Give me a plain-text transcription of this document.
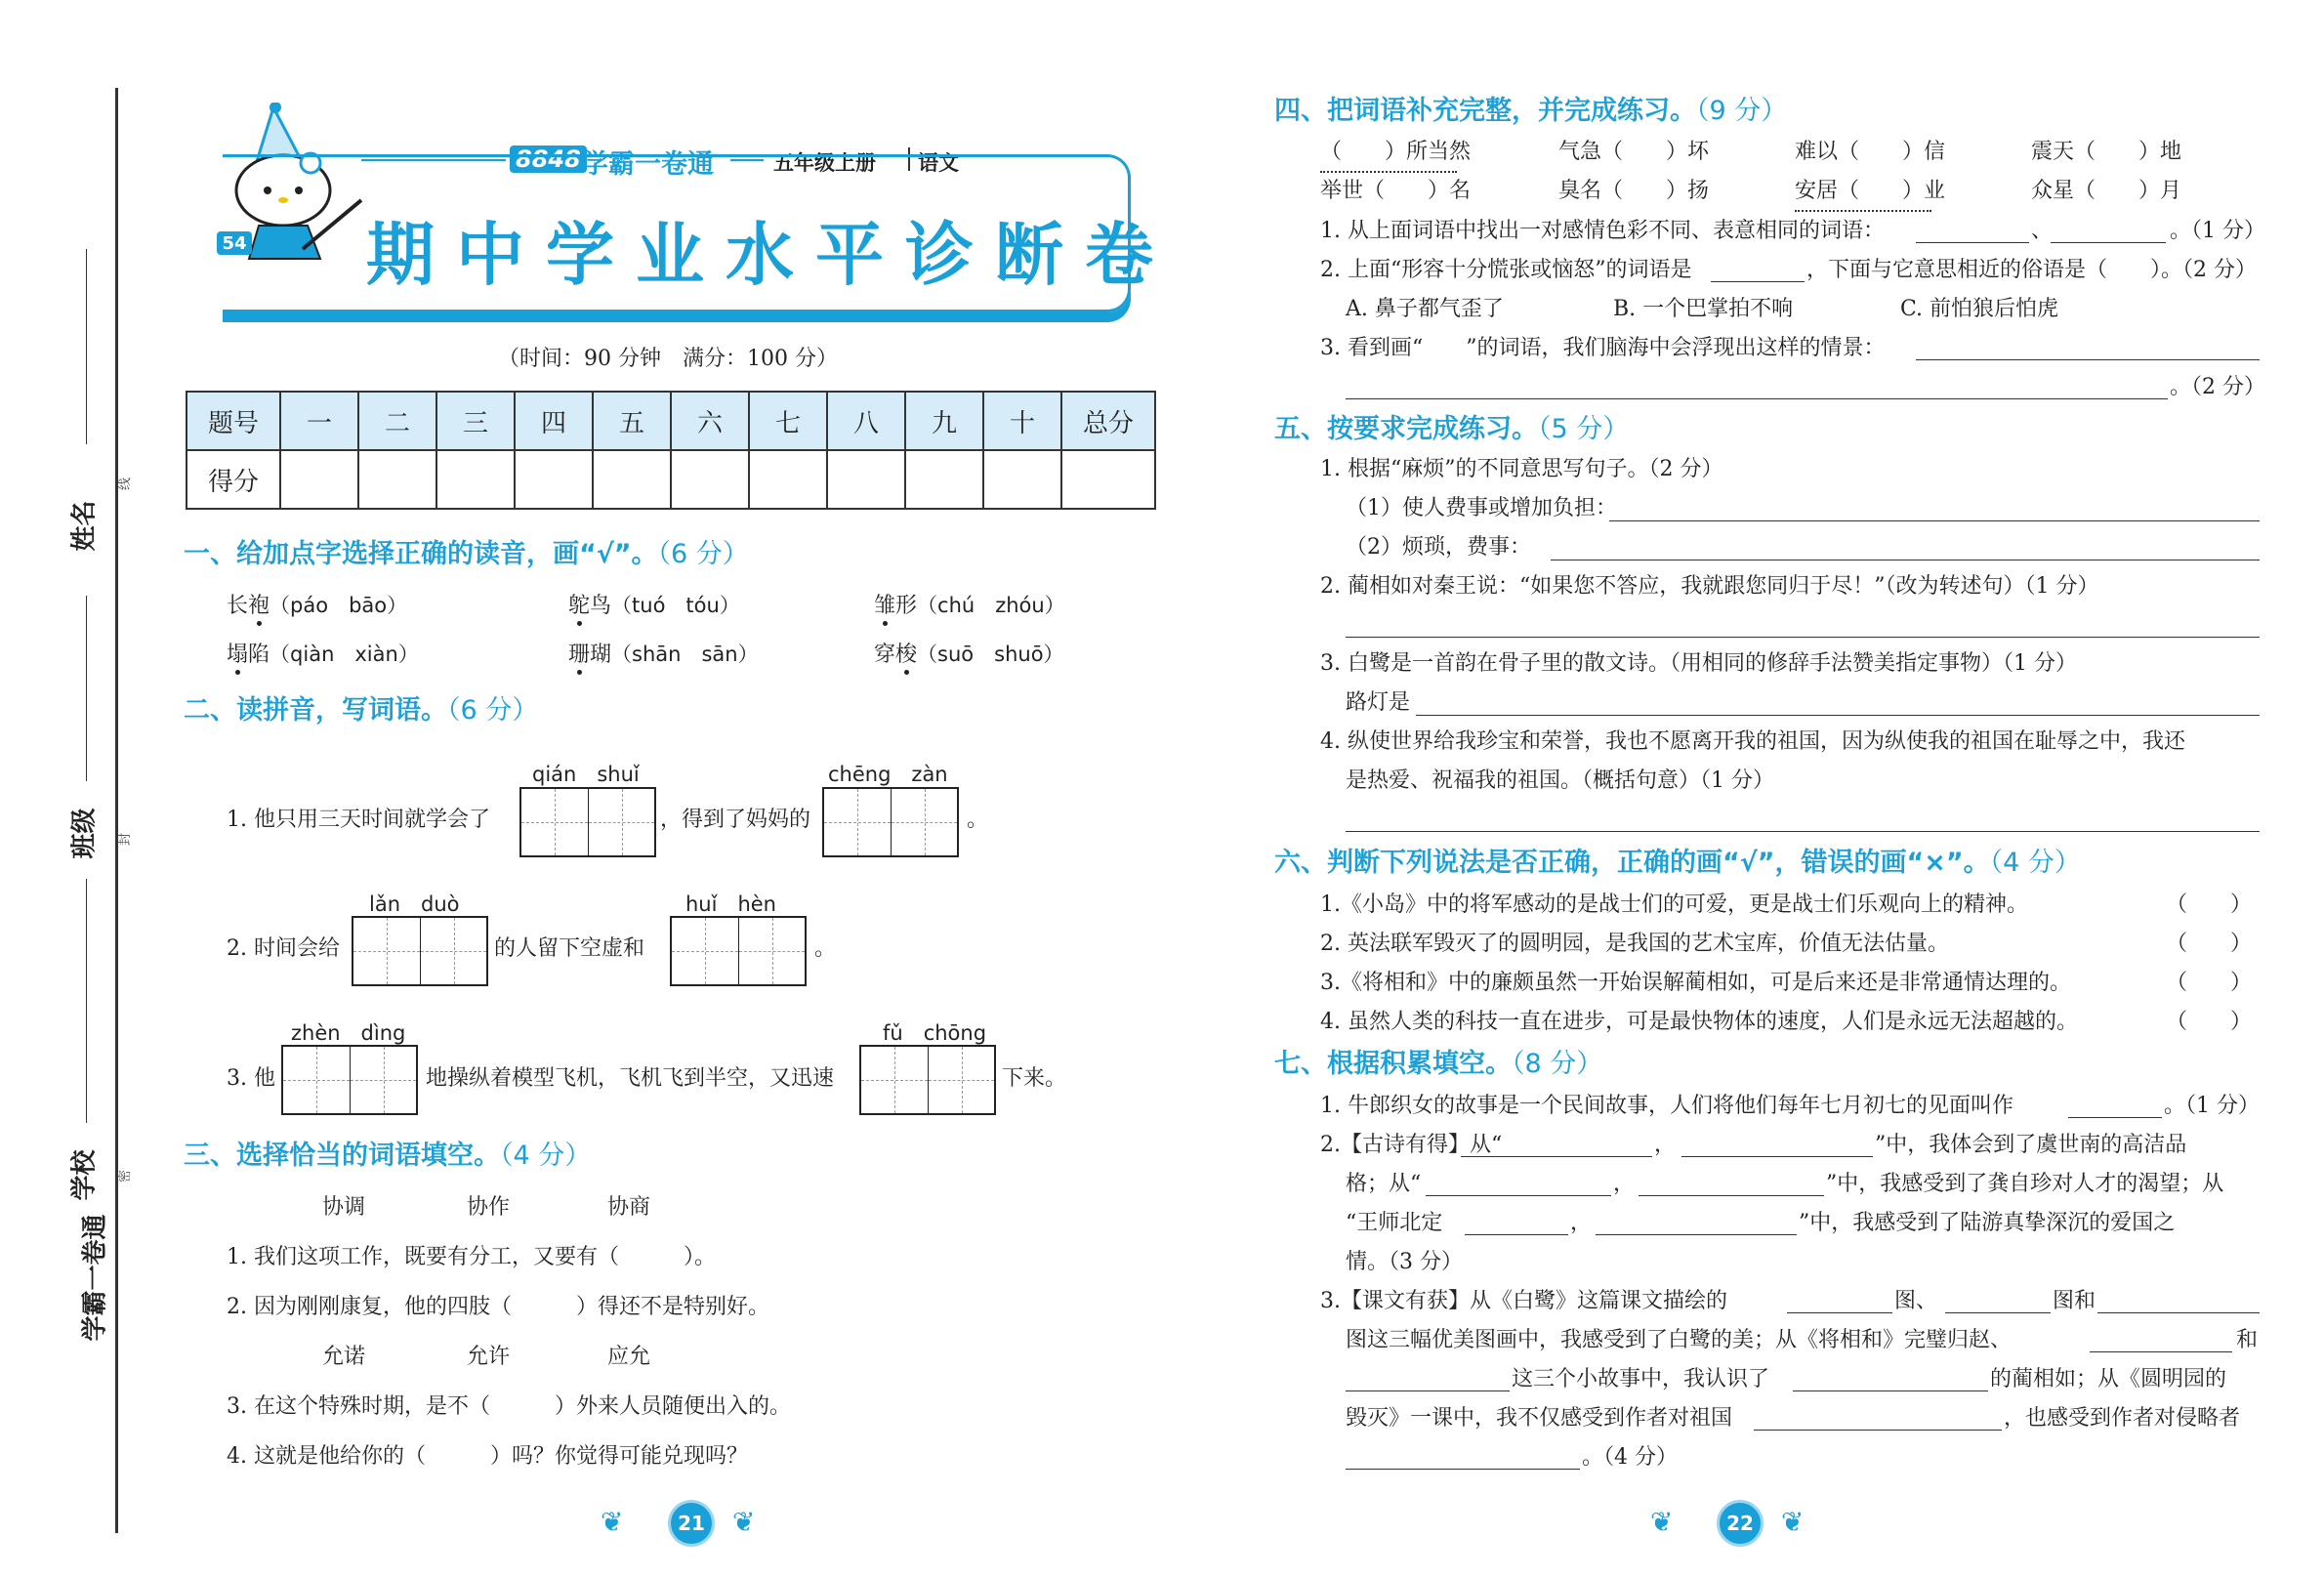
姓名
班级
学校
学霸一卷通
线
封
密
54
8848 学霸一卷通	五年级上册 语文
期中学业水平诊断卷
（时间：90 分钟　满分：100 分）
题号	一	二	三	四	五	六	七	八	九	十	总分
得分											
一、给加点字选择正确的读音，画“√”。（6 分）
长袍（páo　bāo）	鸵鸟（tuó　tóu）	雏形（chú　zhóu）
塌陷（qiàn　xiàn）	珊瑚（shān　sān）	穿梭（suō　shuō）
二、读拼音，写词语。（6 分）
qián　shuǐ	chēng　zàn
1. 他只用三天时间就学会了	，得到了妈妈的	。
lǎn　duò	huǐ　hèn
2. 时间会给	的人留下空虚和	。
zhèn　dìng	fǔ　chōng
3. 他	地操纵着模型飞机，飞机飞到半空，又迅速	下来。
三、选择恰当的词语填空。（4 分）
协调	协作	协商
1. 我们这项工作，既要有分工，又要有（　　　）。
2. 因为刚刚康复，他的四肢（　　　）得还不是特别好。
允诺	允许	应允
3. 在这个特殊时期，是不（　　　）外来人员随便出入的。
4. 这就是他给你的（　　　）吗？你觉得可能兑现吗？
❦	21	❦
四、把词语补充完整，并完成练习。（9 分）
（　　）所当然	气急（　　）坏	难以（　　）信	震天（　　）地
举世（　　）名	臭名（　　）扬	安居（　　）业	众星（　　）月
1. 从上面词语中找出一对感情色彩不同、表意相同的词语：	、	。（1 分）
2. 上面“形容十分慌张或恼怒”的词语是	，下面与它意思相近的俗语是（　　）。（2 分）
A. 鼻子都气歪了	B. 一个巴掌拍不响	C. 前怕狼后怕虎
3. 看到画“　　”的词语，我们脑海中会浮现出这样的情景：
。（2 分）
五、按要求完成练习。（5 分）
1. 根据“麻烦”的不同意思写句子。（2 分）
（1）使人费事或增加负担：
（2）烦琐，费事：
2. 蔺相如对秦王说：“如果您不答应，我就跟您同归于尽！”（改为转述句）（1 分）
3. 白鹭是一首韵在骨子里的散文诗。（用相同的修辞手法赞美指定事物）（1 分）
路灯是
4. 纵使世界给我珍宝和荣誉，我也不愿离开我的祖国，因为纵使我的祖国在耻辱之中，我还
是热爱、祝福我的祖国。（概括句意）（1 分）
六、判断下列说法是否正确，正确的画“√”，错误的画“×”。（4 分）
1.《小岛》中的将军感动的是战士们的可爱，更是战士们乐观向上的精神。	（　　）
2. 英法联军毁灭了的圆明园，是我国的艺术宝库，价值无法估量。	（　　）
3.《将相和》中的廉颇虽然一开始误解蔺相如，可是后来还是非常通情达理的。	（　　）
4. 虽然人类的科技一直在进步，可是最快物体的速度，人们是永远无法超越的。	（　　）
七、根据积累填空。（8 分）
1. 牛郎织女的故事是一个民间故事，人们将他们每年七月初七的见面叫作	。（1 分）
2.【古诗有得】从“	，	”中，我体会到了虞世南的高洁品
格；从“	，	”中，我感受到了龚自珍对人才的渴望；从
“王师北定	，	”中，我感受到了陆游真挚深沉的爱国之
情。（3 分）
3.【课文有获】从《白鹭》这篇课文描绘的	图、	图和
图这三幅优美图画中，我感受到了白鹭的美；从《将相和》完璧归赵、	和
这三个小故事中，我认识了	的蔺相如；从《圆明园的
毁灭》一课中，我不仅感受到作者对祖国	，也感受到作者对侵略者
。（4 分）
❦	22	❦
